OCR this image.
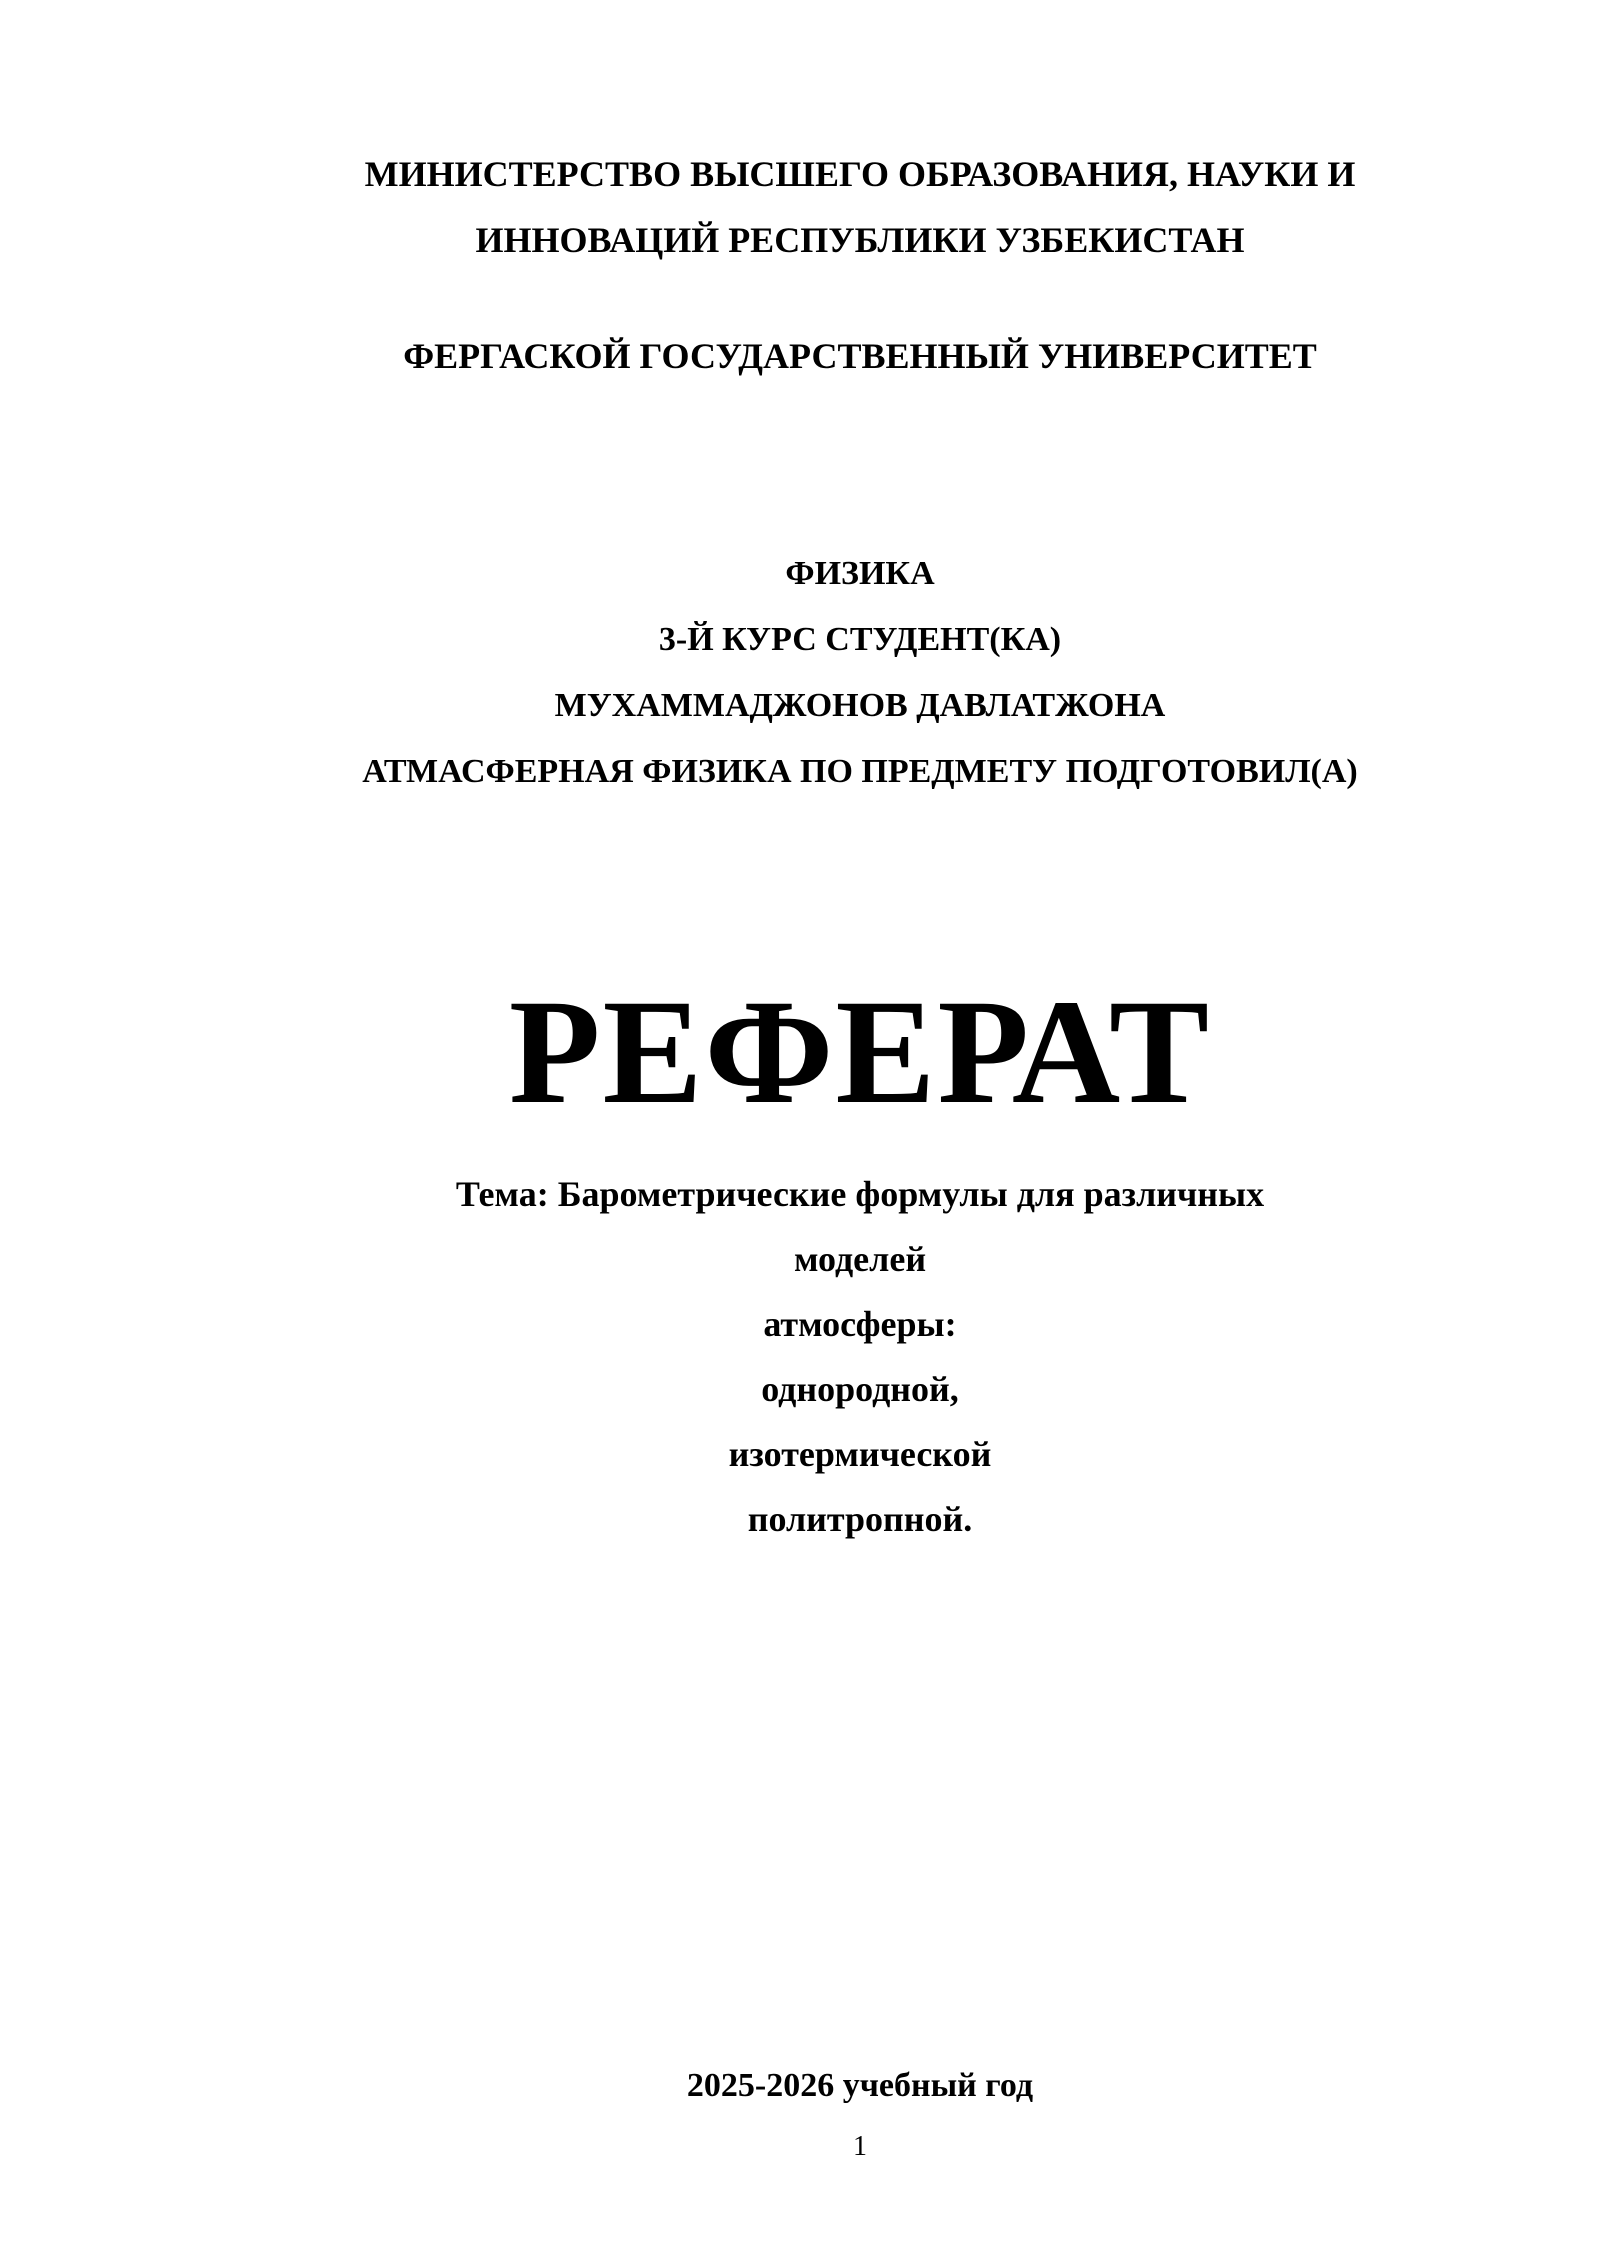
МИНИСТЕРСТВО ВЫСШЕГО ОБРАЗОВАНИЯ, НАУКИ И
ИННОВАЦИЙ РЕСПУБЛИКИ УЗБЕКИСТАН
ФЕРГАСКОЙ ГОСУДАРСТВЕННЫЙ УНИВЕРСИТЕТ
ФИЗИКА
3-Й КУРС СТУДЕНТ(КА)
МУХАММАДЖОНОВ ДАВЛАТЖОНА
АТМАСФЕРНАЯ ФИЗИКА ПО ПРЕДМЕТУ ПОДГОТОВИЛ(А)
РЕФЕРАТ
Тема: Барометрические формулы для различных
моделей
атмосферы:
однородной,
изотермической
политропной.
2025-2026 учебный год
1
